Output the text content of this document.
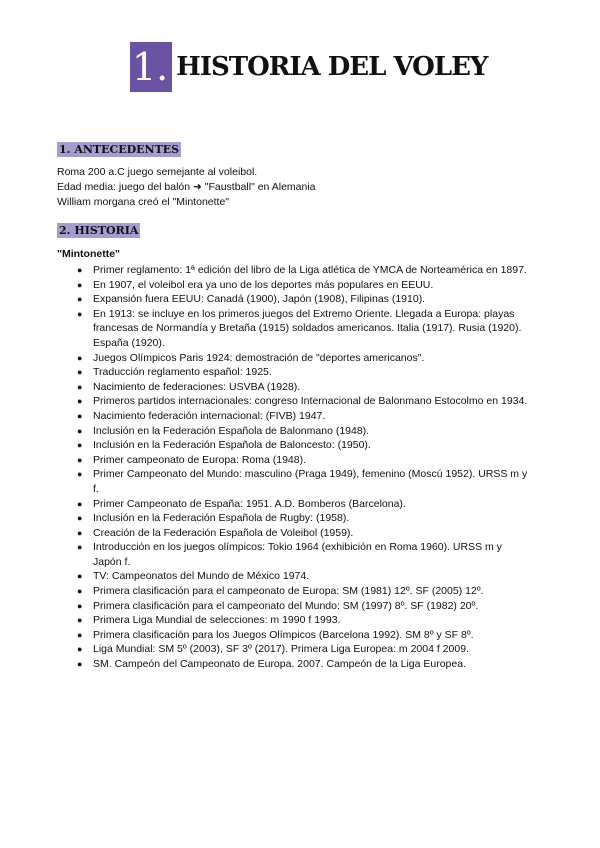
1. HISTORIA DEL VOLEY
1. ANTECEDENTES

Roma 200 a.C juego semejante al voleibol.

Edad media: juego del balón ➜ "Faustball" en Alemania

William morgana creó el "Mintonette"

2. HISTORIA
"Mintonette"
● Primer reglamento: 1ª edición del libro de la Liga atlética de YMCA de Norteamérica en 1897.
● En 1907, el voleibol era ya uno de los deportes más populares en EEUU.
● Expansión fuera EEUU: Canadá (1900), Japón (1908), Filipinas (1910).
● En 1913: se incluye en los primeros juegos del Extremo Oriente. Llegada a Europa: playas francesas de Normandía y Bretaña (1915) soldados americanos. Italia (1917). Rusia (1920). España (1920).
● Juegos Olímpicos Paris 1924: demostración de "deportes americanos".
● Traducción reglamento español: 1925.
● Nacimiento de federaciones: USVBA (1928).
● Primeros partidos internacionales: congreso Internacional de Balonmano Estocolmo en 1934.
● Nacimiento federación internacional: (FIVB) 1947.
● Inclusión en la Federación Española de Balonmano (1948).
● Inclusión en la Federación Española de Baloncesto: (1950).
● Primer campeonato de Europa: Roma (1948).
● Primer Campeonato del Mundo: masculino (Praga 1949), femenino (Moscú 1952). URSS m y f.
● Primer Campeonato de España: 1951. A.D. Bomberos (Barcelona).
● Inclusión en la Federación Española de Rugby: (1958).
● Creación de la Federación Española de Voleibol (1959).
● Introducción en los juegos olímpicos: Tokio 1964 (exhibición en Roma 1960). URSS m y Japón f.
● TV: Campeonatos del Mundo de México 1974.
● Primera clasificación para el campeonato de Europa: SM (1981) 12º. SF (2005) 12º.
● Primera clasificación para el campeonato del Mundo: SM (1997) 8º. SF (1982) 20º.
● Primera Liga Mundial de selecciones: m 1990 f 1993.
● Primera clasificación para los Juegos Olímpicos (Barcelona 1992). SM 8º y SF 8º.
● Liga Mundial: SM 5º (2003), SF 3º (2017). Primera Liga Europea: m 2004 f 2009.
● SM. Campeón del Campeonato de Europa. 2007. Campeón de la Liga Europea.
